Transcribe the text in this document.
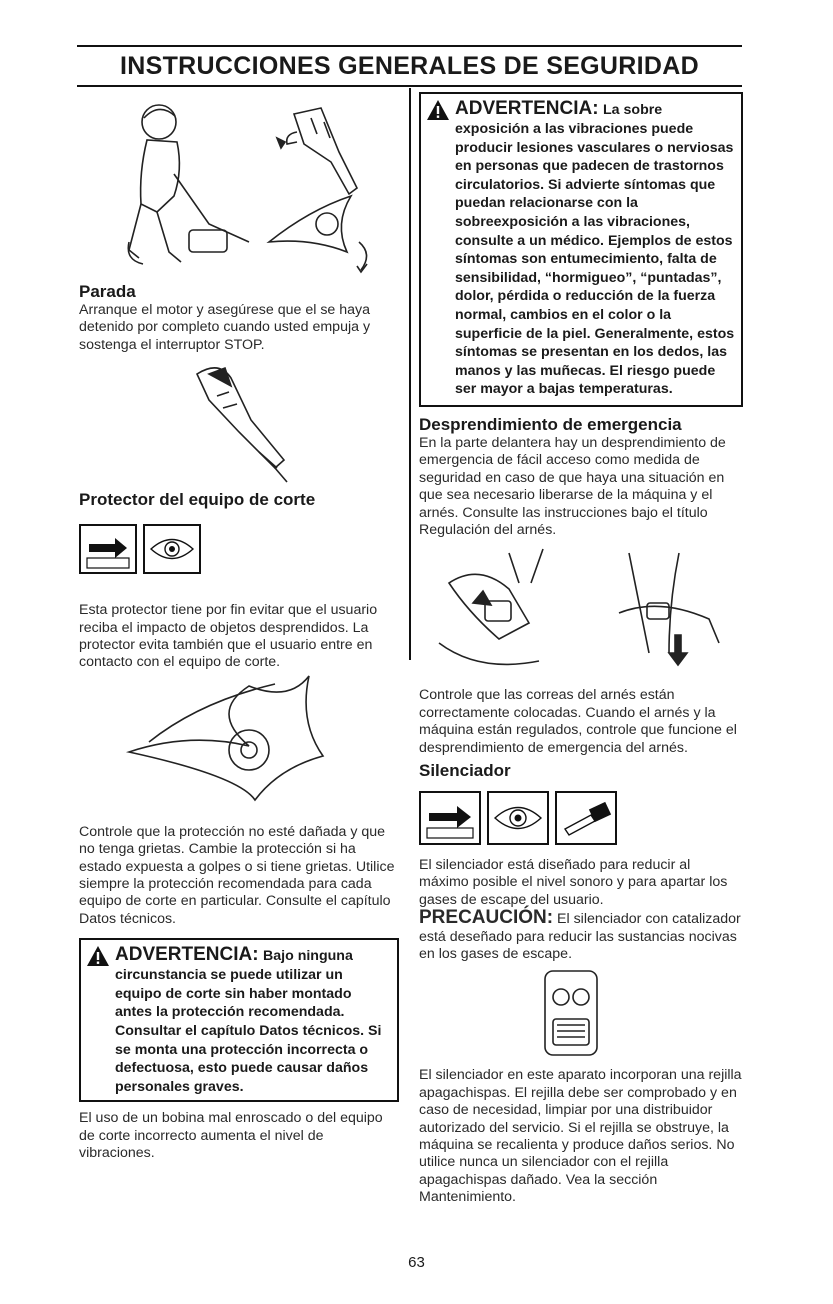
INSTRUCCIONES GENERALES DE SEGURIDAD
Parada

Arranque el motor y asegúrese que el se haya detenido por completo cuando usted empuja y sostenga el interruptor STOP.

Protector del equipo de corte

Esta protector tiene por fin evitar que el usuario reciba el impacto de objetos desprendidos. La protector evita también que el usuario entre en contacto con el equipo de corte.

Controle que la protección no esté dañada y que no tenga grietas. Cambie la protección si ha estado expuesta a golpes o si tiene grietas. Utilice siempre la protección recomendada para cada equipo de corte en particular. Consulte el capítulo Datos técnicos.

ADVERTENCIA: Bajo ninguna circunstancia se puede utilizar un equipo de corte sin haber montado antes la protección recomendada. Consultar el capítulo Datos técnicos. Si se monta una protección incorrecta o defectuosa, esto puede causar daños personales graves.

El uso de un bobina mal enroscado o del equipo de corte incorrecto aumenta el nivel de vibraciones.

ADVERTENCIA: La sobre exposición a las vibraciones puede producir lesiones vasculares o nerviosas en personas que padecen de trastornos circulatorios. Si advierte síntomas que puedan relacionarse con la sobreexposición a las vibraciones, consulte a un médico. Ejemplos de estos síntomas son entumecimiento, falta de sensibilidad, “hormigueo”, “puntadas”, dolor, pérdida o reducción de la fuerza normal, cambios en el color o la superficie de la piel. Generalmente, estos síntomas se presentan en los dedos, las manos y las muñecas. El riesgo puede ser mayor a bajas temperaturas.
Desprendimiento de emergencia

En la parte delantera hay un desprendimiento de emergencia de fácil acceso como medida de seguridad en caso de que haya una situación en que sea necesario liberarse de la máquina y el arnés. Consulte las instrucciones bajo el título Regulación del arnés.

Controle que las correas del arnés están correctamente colocadas. Cuando el arnés y la máquina están regulados, controle que funcione el desprendimiento de emergencia del arnés.

Silenciador

El silenciador está diseñado para reducir al máximo posible el nivel sonoro y para apartar los gases de escape del usuario.

PRECAUCIÓN: El silenciador con catalizador está deseñado para reducir las sustancias nocivas en los gases de escape.

El silenciador en este aparato incorporan una rejilla apagachispas. El rejilla debe ser comprobado y en caso de necesidad, limpiar por una distribuidor autorizado del servicio. Si el rejilla se obstruye, la máquina se recalienta y produce daños serios. No utilice nunca un silenciador con el rejilla apagachispas dañado. Vea la sección Mantenimiento.

63
